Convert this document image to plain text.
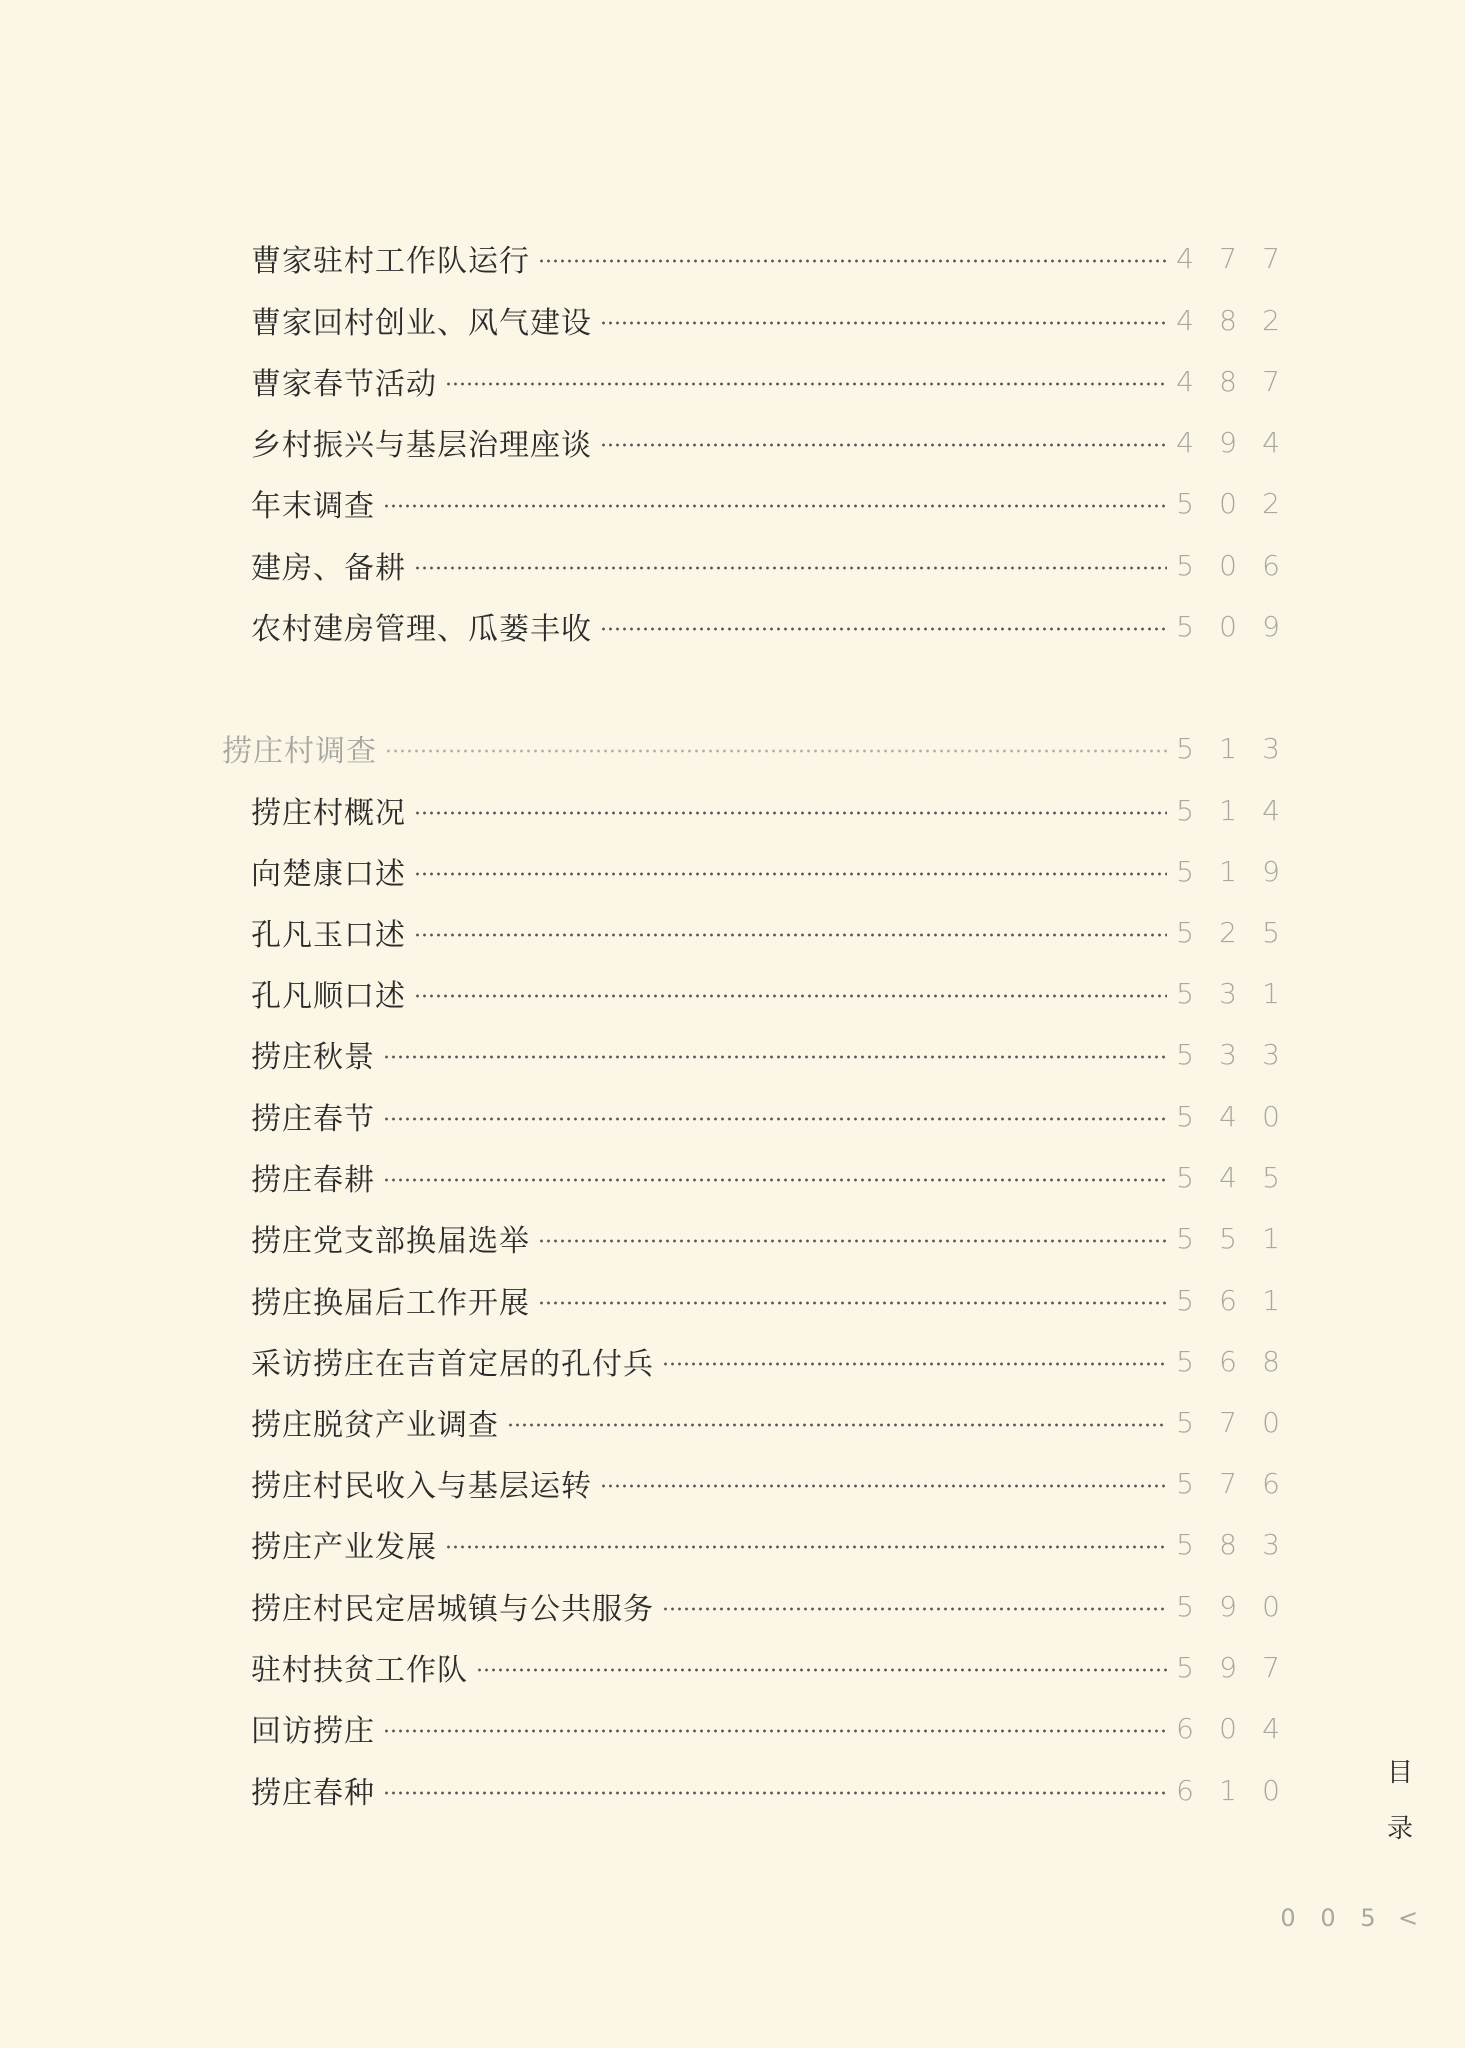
曹家驻村工作队运行	4 7 7
曹家回村创业、风气建设	4 8 2
曹家春节活动	4 8 7
乡村振兴与基层治理座谈	4 9 4
年末调查	5 0 2
建房、备耕	5 0 6
农村建房管理、瓜蒌丰收	5 0 9
捞庄村调查	5 1 3
捞庄村概况	5 1 4
向楚康口述	5 1 9
孔凡玉口述	5 2 5
孔凡顺口述	5 3 1
捞庄秋景	5 3 3
捞庄春节	5 4 0
捞庄春耕	5 4 5
捞庄党支部换届选举	5 5 1
捞庄换届后工作开展	5 6 1
采访捞庄在吉首定居的孔付兵	5 6 8
捞庄脱贫产业调查	5 7 0
捞庄村民收入与基层运转	5 7 6
捞庄产业发展	5 8 3
捞庄村民定居城镇与公共服务	5 9 0
驻村扶贫工作队	5 9 7
回访捞庄	6 0 4
捞庄春种	6 1 0
目
录
0 0 5 <
